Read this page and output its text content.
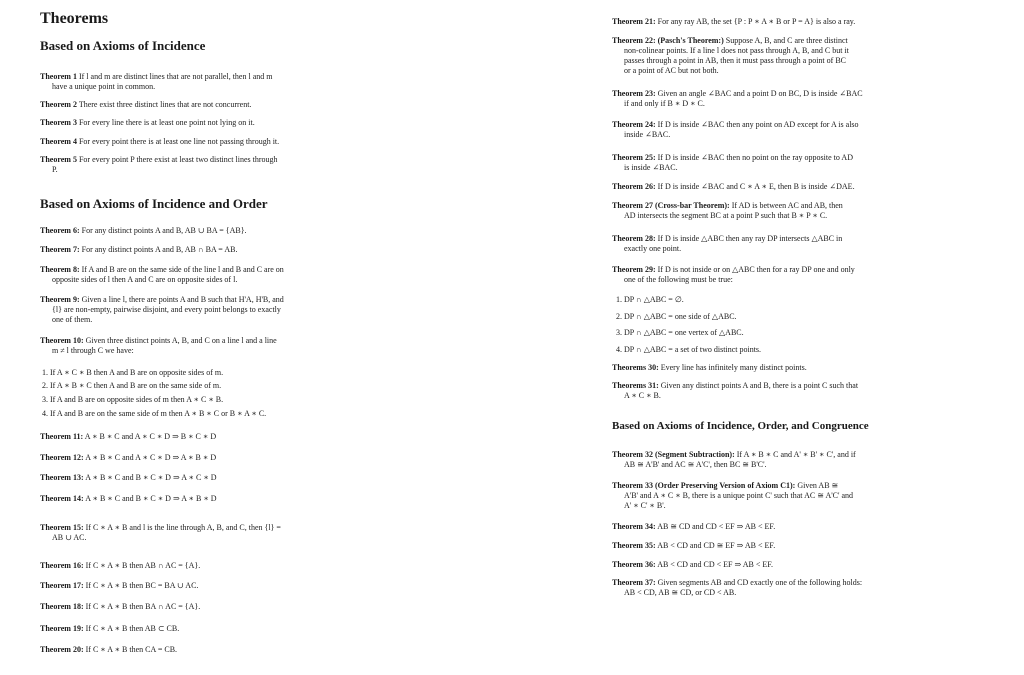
Theorems
Based on Axioms of Incidence
Theorem 1 If l and m are distinct lines that are not parallel, then l and m
have a unique point in common.
Theorem 2 There exist three distinct lines that are not concurrent.
Theorem 3 For every line there is at least one point not lying on it.
Theorem 4 For every point there is at least one line not passing through it.
Theorem 5 For every point P there exist at least two distinct lines through
P.
Based on Axioms of Incidence and Order
Theorem 6: For any distinct points A and B, AB ∪ BA = {AB}.
Theorem 7: For any distinct points A and B, AB ∩ BA = AB.
Theorem 8: If A and B are on the same side of the line l and B and C are on
opposite sides of l then A and C are on opposite sides of l.
Theorem 9: Given a line l, there are points A and B such that H'A, H'B, and
{l} are non-empty, pairwise disjoint, and every point belongs to exactly
one of them.
Theorem 10: Given three distinct points A, B, and C on a line l and a line
m ≠ l through C we have:
1. If A ∗ C ∗ B then A and B are on opposite sides of m.
2. If A ∗ B ∗ C then A and B are on the same side of m.
3. If A and B are on opposite sides of m then A ∗ C ∗ B.
4. If A and B are on the same side of m then A ∗ B ∗ C or B ∗ A ∗ C.
Theorem 11: A ∗ B ∗ C and A ∗ C ∗ D ⇒ B ∗ C ∗ D
Theorem 12: A ∗ B ∗ C and A ∗ C ∗ D ⇒ A ∗ B ∗ D
Theorem 13: A ∗ B ∗ C and B ∗ C ∗ D ⇒ A ∗ C ∗ D
Theorem 14: A ∗ B ∗ C and B ∗ C ∗ D ⇒ A ∗ B ∗ D
Theorem 15: If C ∗ A ∗ B and l is the line through A, B, and C, then {l} =
AB ∪ AC.
Theorem 16: If C ∗ A ∗ B then AB ∩ AC = {A}.
Theorem 17: If C ∗ A ∗ B then BC = BA ∪ AC.
Theorem 18: If C ∗ A ∗ B then BA ∩ AC = {A}.
Theorem 19: If C ∗ A ∗ B then AB ⊂ CB.
Theorem 20: If C ∗ A ∗ B then CA = CB.
Theorem 21: For any ray AB, the set {P : P ∗ A ∗ B or P = A} is also a ray.
Theorem 22: (Pasch's Theorem:) Suppose A, B, and C are three distinct
non-colinear points. If a line l does not pass through A, B, and C but it
passes through a point in AB, then it must pass through a point of BC
or a point of AC but not both.
Theorem 23: Given an angle ∠BAC and a point D on BC, D is inside ∠BAC
if and only if B ∗ D ∗ C.
Theorem 24: If D is inside ∠BAC then any point on AD except for A is also
inside ∠BAC.
Theorem 25: If D is inside ∠BAC then no point on the ray opposite to AD
is inside ∠BAC.
Theorem 26: If D is inside ∠BAC and C ∗ A ∗ E, then B is inside ∠DAE.
Theorem 27 (Cross-bar Theorem): If AD is between AC and AB, then
AD intersects the segment BC at a point P such that B ∗ P ∗ C.
Theorem 28: If D is inside △ABC then any ray DP intersects △ABC in
exactly one point.
Theorem 29: If D is not inside or on △ABC then for a ray DP one and only
one of the following must be true:
1. DP ∩ △ABC = ∅.
2. DP ∩ △ABC = one side of △ABC.
3. DP ∩ △ABC = one vertex of △ABC.
4. DP ∩ △ABC = a set of two distinct points.
Theorems 30: Every line has infinitely many distinct points.
Theorems 31: Given any distinct points A and B, there is a point C such that
A ∗ C ∗ B.
Based on Axioms of Incidence, Order, and Congruence
Theorem 32 (Segment Subtraction): If A ∗ B ∗ C and A' ∗ B' ∗ C', and if
AB ≅ A'B' and AC ≅ A'C', then BC ≅ B'C'.
Theorem 33 (Order Preserving Version of Axiom C1): Given AB ≅
A'B' and A ∗ C ∗ B, there is a unique point C' such that AC ≅ A'C' and
A' ∗ C' ∗ B'.
Theorem 34: AB ≅ CD and CD < EF ⇒ AB < EF.
Theorem 35: AB < CD and CD ≅ EF ⇒ AB < EF.
Theorem 36: AB < CD and CD < EF ⇒ AB < EF.
Theorem 37: Given segments AB and CD exactly one of the following holds:
AB < CD, AB ≅ CD, or CD < AB.
